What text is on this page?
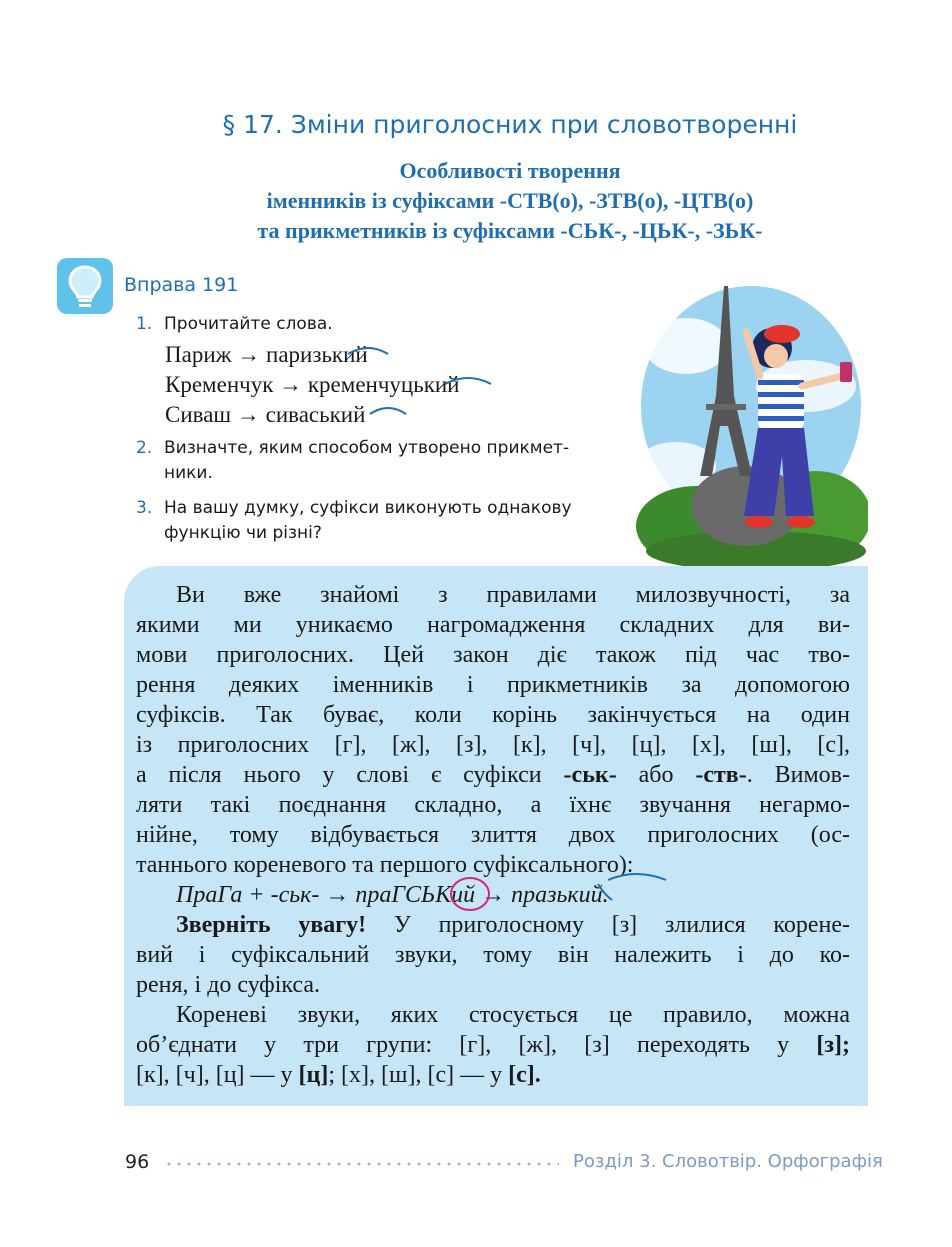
§ 17. Зміни приголосних при словотворенні
Особливості творення
іменників із суфіксами -СТВ(о), -ЗТВ(о), -ЦТВ(о)
та прикметників із суфіксами -СЬК-, -ЦЬК-, -ЗЬК-
Вправа 191
1. Прочитайте слова.
Париж → паризький
Кременчук → кременчуцький
Сиваш → сиваський
2. Визначте, яким способом утворено прикмет-
ники.
3. На вашу думку, суфікси виконують однакову
функцію чи різні?
Ви вже знайомі з правилами милозвучності, за
якими ми уникаємо нагромадження складних для ви-
мови приголосних. Цей закон діє також під час тво-
рення деяких іменників і прикметників за допомогою
суфіксів. Так буває, коли корінь закінчується на один
із приголосних [г], [ж], [з], [к], [ч], [ц], [х], [ш], [с],
а після нього у слові є суфікси -ськ- або -ств-. Вимов-
ляти такі поєднання складно, а їхнє звучання негармо-
нійне, тому відбувається злиття двох приголосних (ос-
таннього кореневого та першого суфіксального):
ПраГа + -ськ- → праГСЬКий → празький.
Зверніть увагу! У приголосному [з] злилися корене-
вий і суфіксальний звуки, тому він належить і до ко-
реня, і до суфікса.
Кореневі звуки, яких стосується це правило, можна
об’єднати у три групи: [г], [ж], [з] переходять у [з];
[к], [ч], [ц] — у [ц]; [х], [ш], [с] — у [с].
96	Розділ 3. Словотвір. Орфографія
